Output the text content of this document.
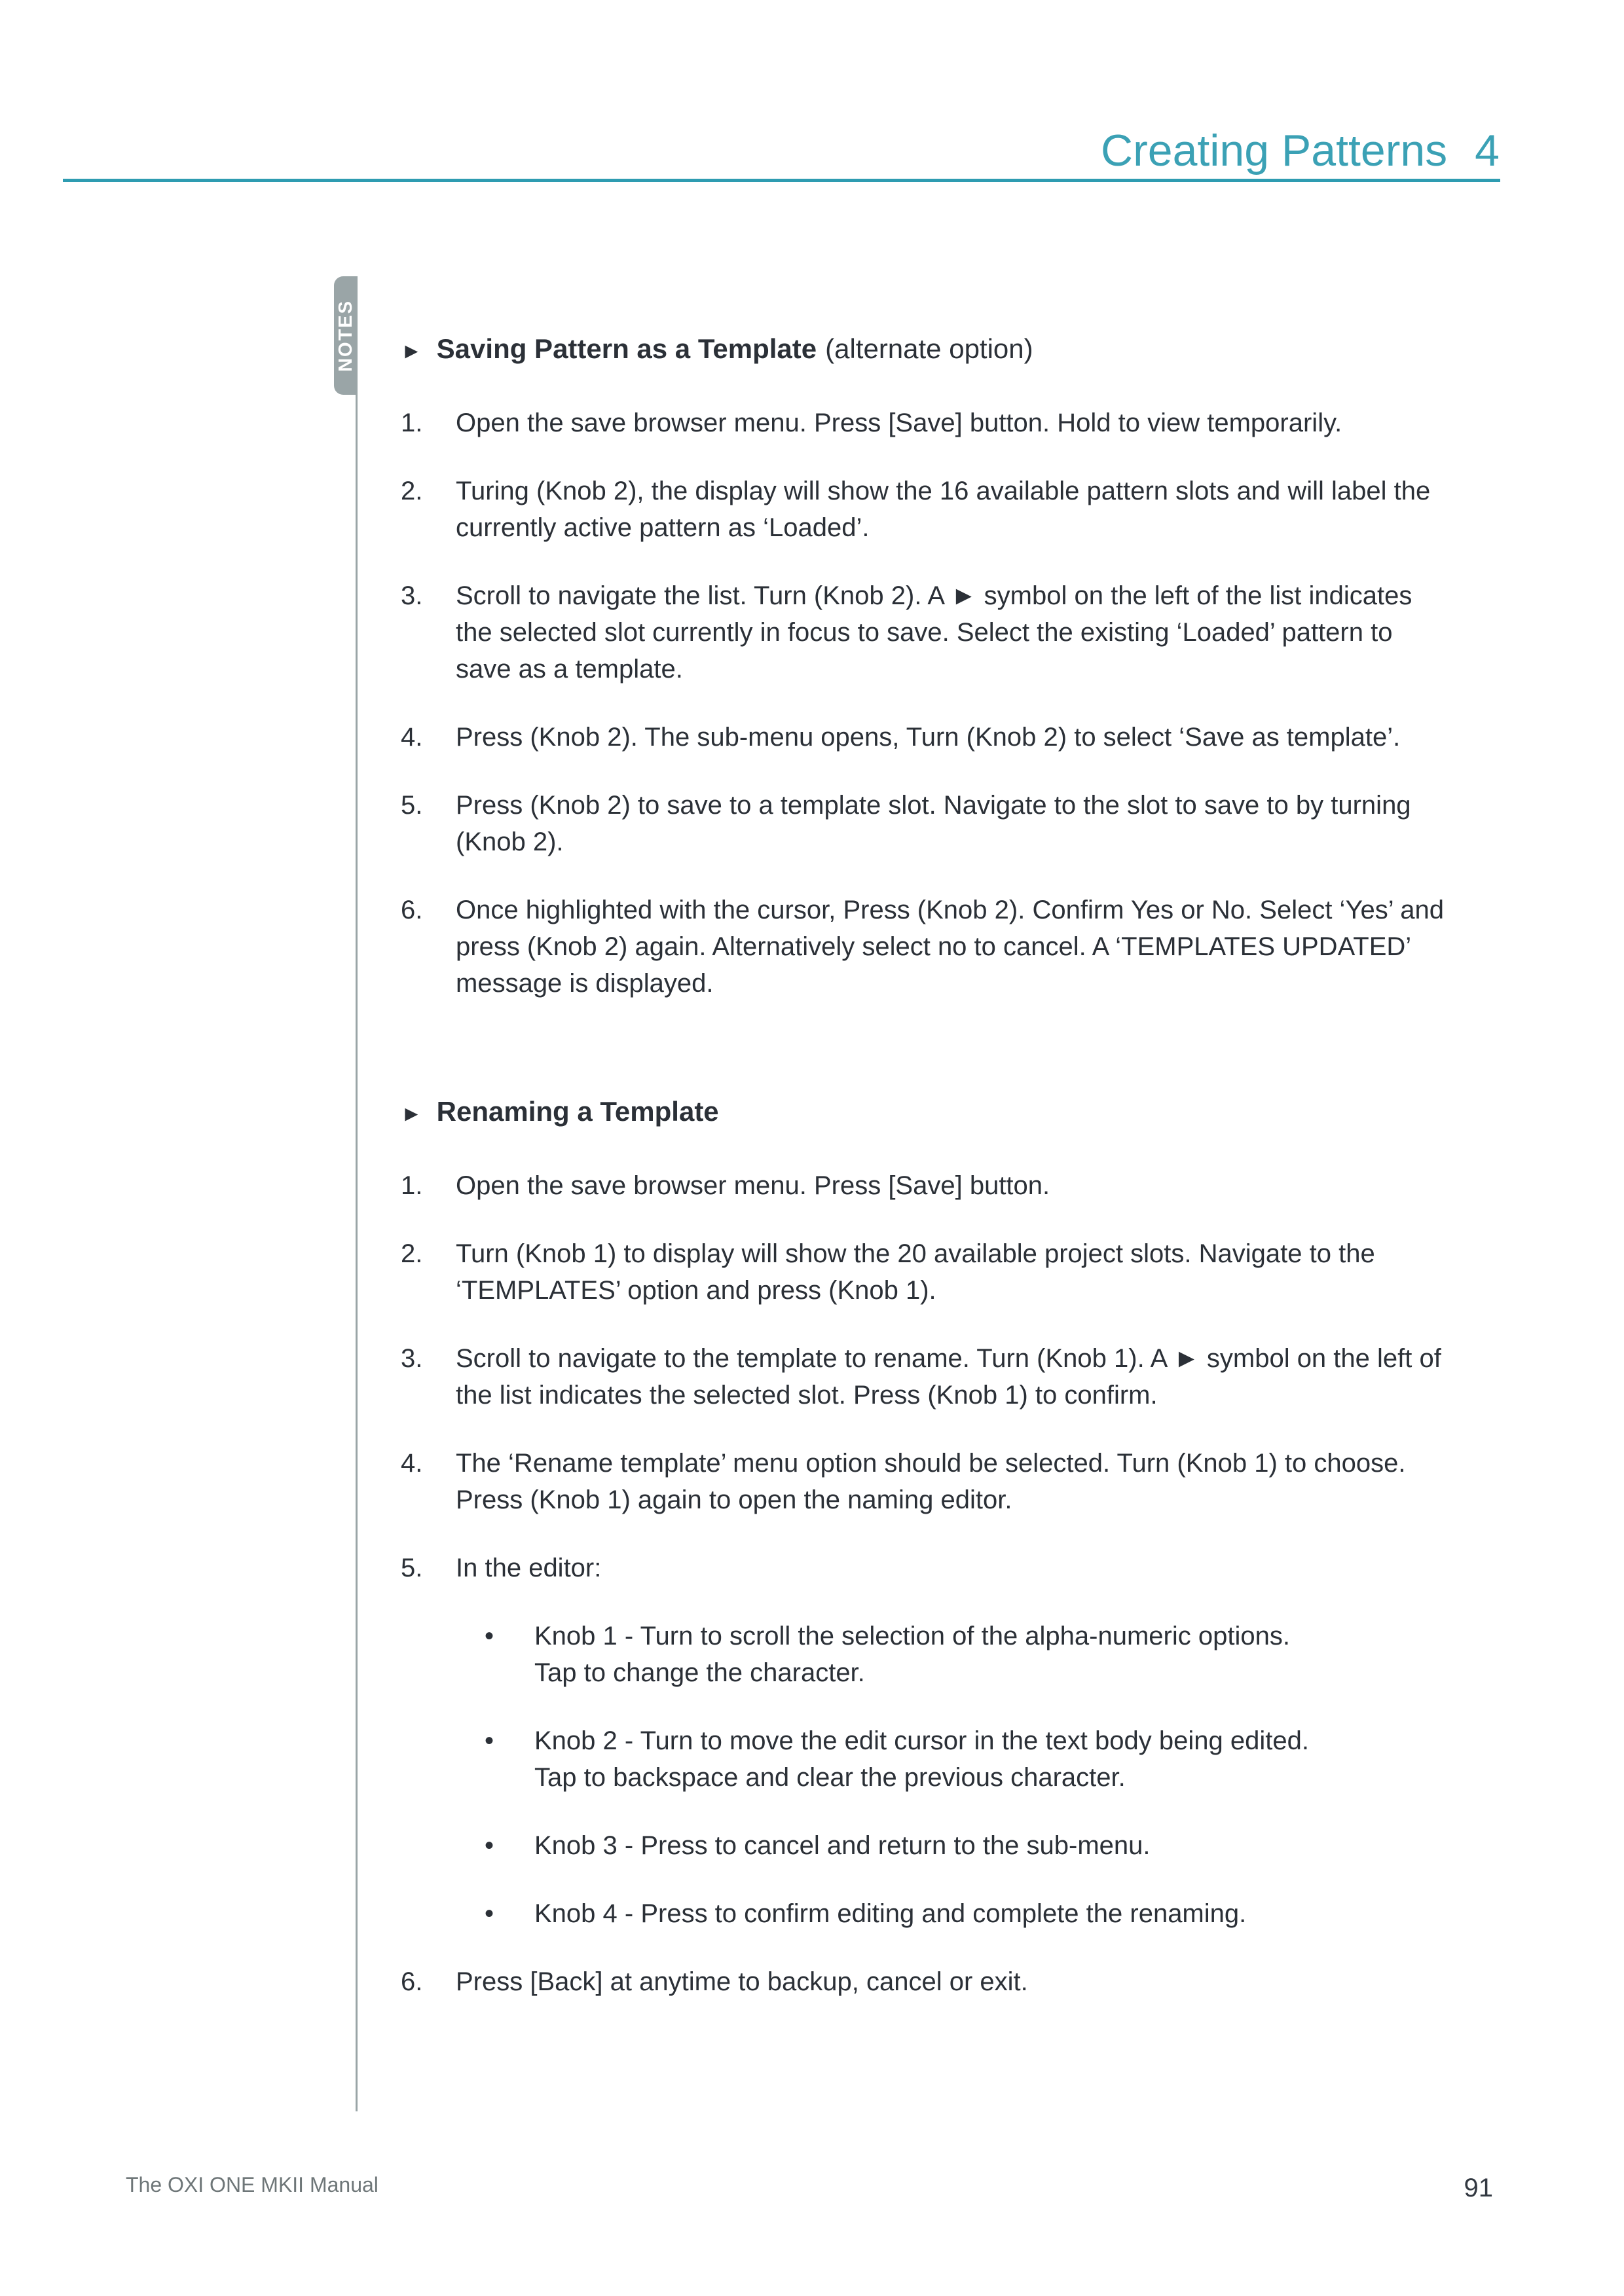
Creating Patterns 4
NOTES ► Saving Pattern as a Template (alternate option)
1.	Open the save browser menu. Press [Save] button. Hold to view temporarily.
2.	Turing (Knob 2), the display will show the 16 available pattern slots and will label the
currently active pattern as ‘Loaded’.
3.	Scroll to navigate the list. Turn (Knob 2). A ► symbol on the left of the list indicates
the selected slot currently in focus to save. Select the existing ‘Loaded’ pattern to
save as a template.
4.	Press (Knob 2). The sub-menu opens, Turn (Knob 2) to select ‘Save as template’.
5.	Press (Knob 2) to save to a template slot. Navigate to the slot to save to by turning
(Knob 2).
6.	Once highlighted with the cursor, Press (Knob 2). Confirm Yes or No. Select ‘Yes’ and
press (Knob 2) again. Alternatively select no to cancel. A ‘TEMPLATES UPDATED’
message is displayed.
► Renaming a Template
1.	Open the save browser menu. Press [Save] button.
2.	Turn (Knob 1) to display will show the 20 available project slots. Navigate to the
‘TEMPLATES’ option and press (Knob 1).
3.	Scroll to navigate to the template to rename. Turn (Knob 1). A ► symbol on the left of
the list indicates the selected slot. Press (Knob 1) to confirm.
4.	The ‘Rename template’ menu option should be selected. Turn (Knob 1) to choose.
Press (Knob 1) again to open the naming editor.
5.	In the editor:
•	Knob 1 - Turn to scroll the selection of the alpha-numeric options.
Tap to change the character.
•	Knob 2 - Turn to move the edit cursor in the text body being edited.
Tap to backspace and clear the previous character.
•	Knob 3 - Press to cancel and return to the sub-menu.
•	Knob 4 - Press to confirm editing and complete the renaming.
6.	Press [Back] at anytime to backup, cancel or exit.
The OXI ONE MKII Manual	91
